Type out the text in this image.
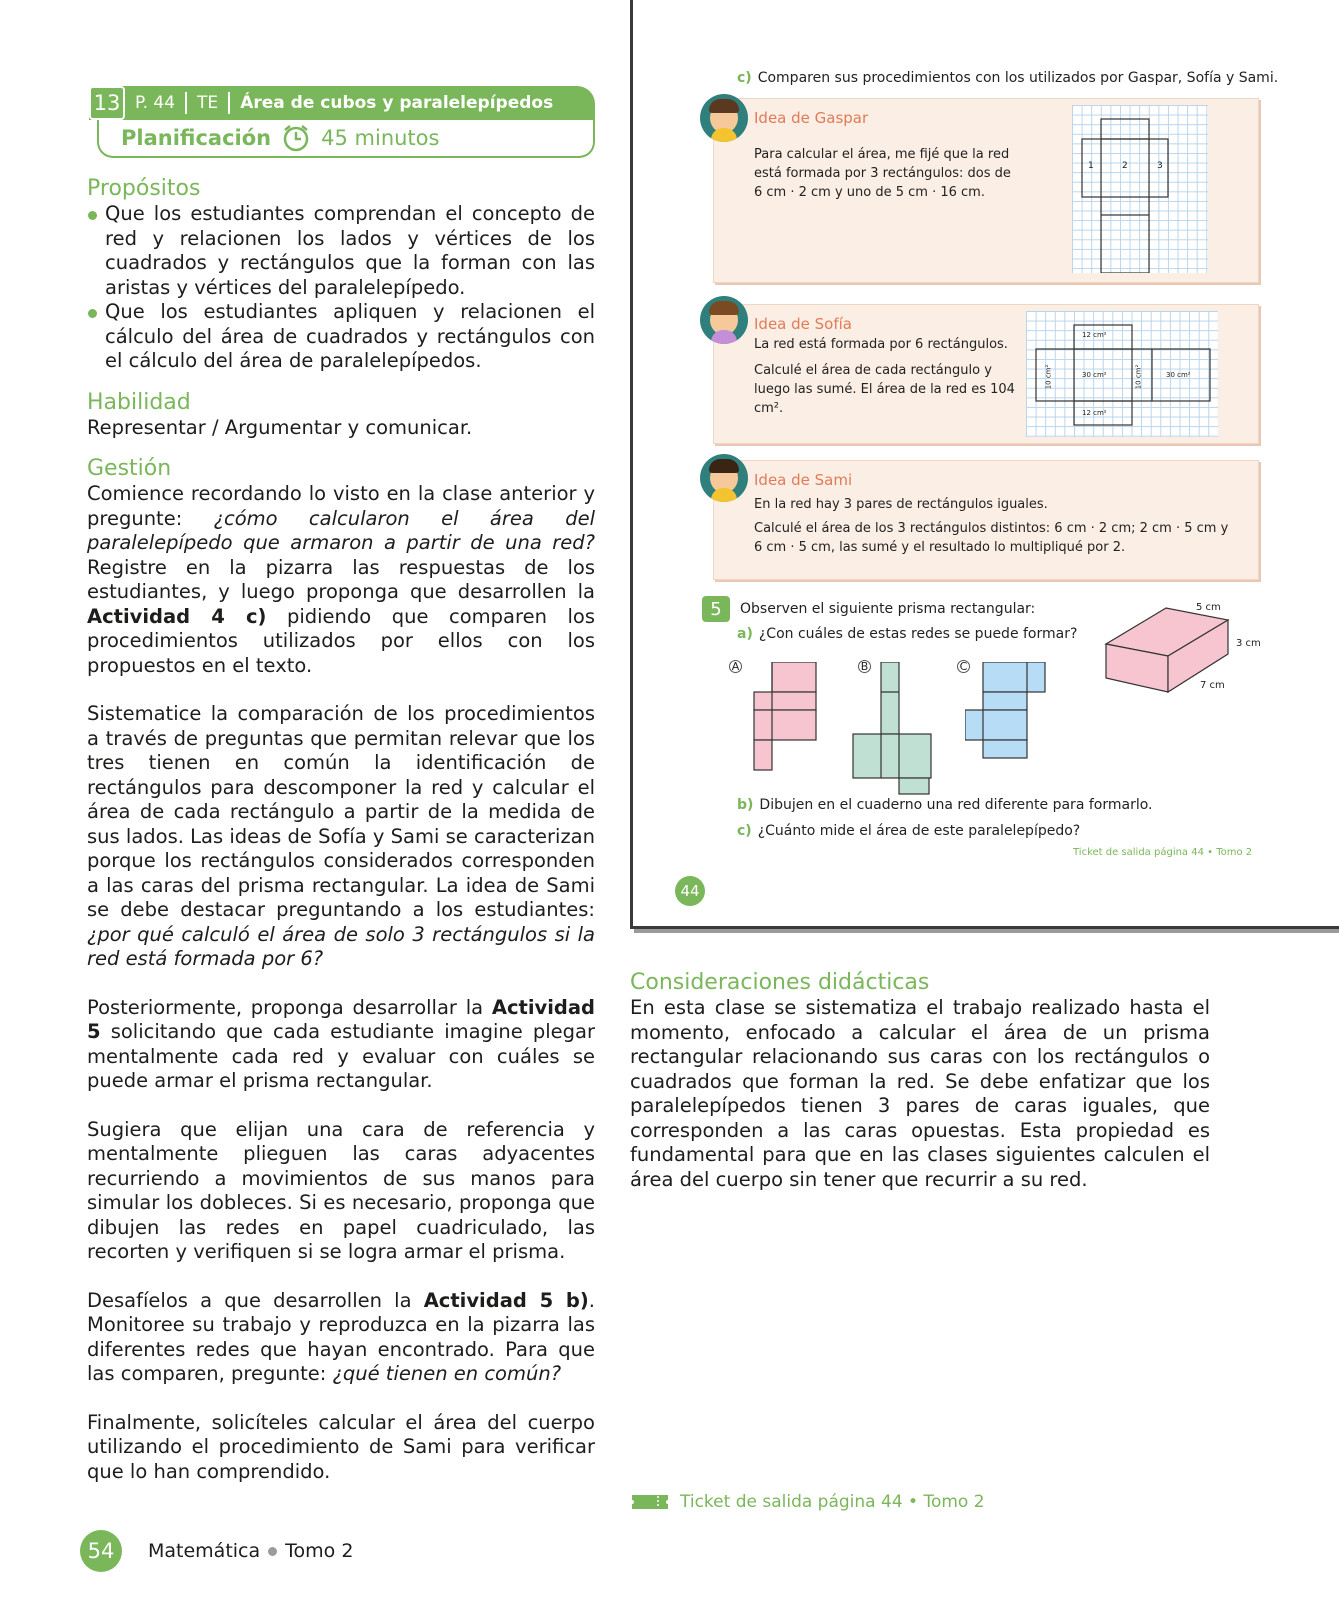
13 P. 44	TE	Área de cubos y paralelepípedos
Planificación 45 minutos
Propósitos
Que los estudiantes comprendan el concepto de red y relacionen los lados y vértices de los cuadrados y rectángulos que la forman con las aristas y vértices del paralelepípedo.
Que los estudiantes apliquen y relacionen el cálculo del área de cuadrados y rectángulos con el cálculo del área de paralelepípedos.
Habilidad

Representar / Argumentar y comunicar.

Gestión

Comience recordando lo visto en la clase anterior y pregunte: ¿cómo calcularon el área del paralelepípedo que armaron a partir de una red? Registre en la pizarra las respuestas de los estudiantes, y luego proponga que desarrollen la Actividad 4 c) pidiendo que comparen los procedimientos utilizados por ellos con los propuestos en el texto.

Sistematice la comparación de los procedimientos a través de preguntas que permitan relevar que los tres tienen en común la identificación de rectángulos para descomponer la red y calcular el área de cada rectángulo a partir de la medida de sus lados. Las ideas de Sofía y Sami se caracterizan porque los rectángulos considerados corresponden a las caras del prisma rectangular. La idea de Sami se debe destacar preguntando a los estudiantes: ¿por qué calculó el área de solo 3 rectángulos si la red está formada por 6?

Posteriormente, proponga desarrollar la Actividad 5 solicitando que cada estudiante imagine plegar mentalmente cada red y evaluar con cuáles se puede armar el prisma rectangular.

Sugiera que elijan una cara de referencia y mentalmente plieguen las caras adyacentes recurriendo a movimientos de sus manos para simular los dobleces. Si es necesario, proponga que dibujen las redes en papel cuadriculado, las recorten y verifiquen si se logra armar el prisma.

Desafíelos a que desarrollen la Actividad 5 b). Monitoree su trabajo y reproduzca en la pizarra las diferentes redes que hayan encontrado. Para que las comparen, pregunte: ¿qué tienen en común?

Finalmente, solicíteles calcular el área del cuerpo utilizando el procedimiento de Sami para verificar que lo han comprendido.

c) Comparen sus procedimientos con los utilizados por Gaspar, Sofía y Sami.
Idea de Gaspar
Para calcular el área, me fijé que la red está formada por 3 rectángulos: dos de 6 cm · 2 cm y uno de 5 cm · 16 cm.
1	2	3
Idea de Sofía
La red está formada por 6 rectángulos.
Calculé el área de cada rectángulo y luego las sumé. El área de la red es 104 cm².
12 cm²
10 cm²	30 cm²	10 cm²	30 cm²
12 cm²
Idea de Sami
En la red hay 3 pares de rectángulos iguales.
Calculé el área de los 3 rectángulos distintos: 6 cm · 2 cm; 2 cm · 5 cm y 6 cm · 5 cm, las sumé y el resultado lo multipliqué por 2.
5	Observen el siguiente prisma rectangular:
a) ¿Con cuáles de estas redes se puede formar?
A	B	C
5 cm
3 cm
7 cm
b) Dibujen en el cuaderno una red diferente para formarlo.
c) ¿Cuánto mide el área de este paralelepípedo?
Ticket de salida página 44 • Tomo 2
44
Consideraciones didácticas

En esta clase se sistematiza el trabajo realizado hasta el momento, enfocado a calcular el área de un prisma rectangular relacionando sus caras con los rectángulos o cuadrados que forman la red. Se debe enfatizar que los paralelepípedos tienen 3 pares de caras iguales, que corresponden a las caras opuestas. Esta propiedad es fundamental para que en las clases siguientes calculen el área del cuerpo sin tener que recurrir a su red.

Ticket de salida página 44 • Tomo 2
54	Matemática Tomo 2
